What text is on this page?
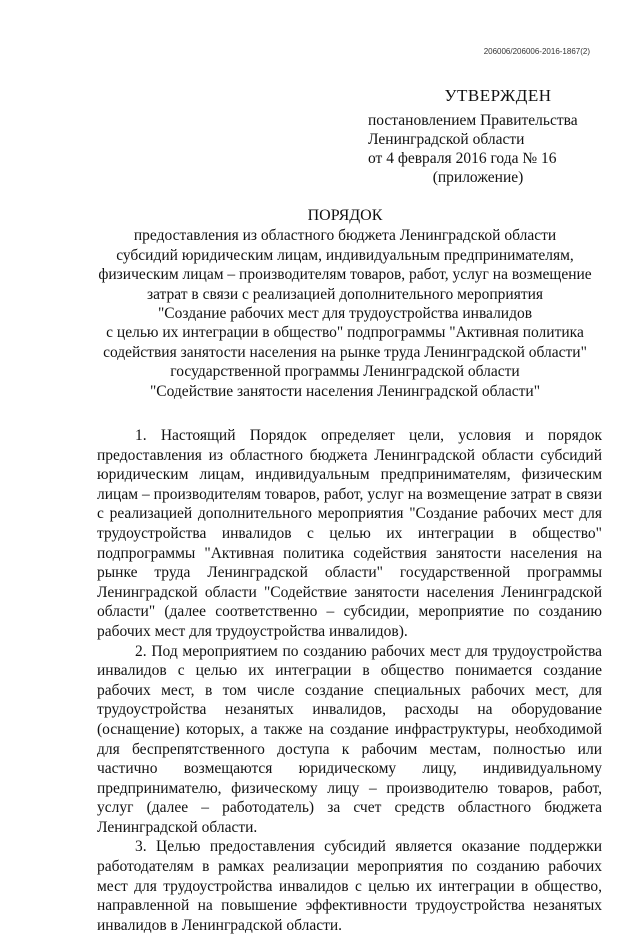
206006/206006-2016-1867(2)
УТВЕРЖДЕН
постановлением Правительства
Ленинградской области
от 4 февраля 2016 года № 16
(приложение)
ПОРЯДОК
предоставления из областного бюджета Ленинградской области
субсидий юридическим лицам, индивидуальным предпринимателям,
физическим лицам – производителям товаров, работ, услуг на возмещение
затрат в связи с реализацией дополнительного мероприятия
"Создание рабочих мест для трудоустройства инвалидов
с целью их интеграции в общество" подпрограммы "Активная политика
содействия занятости населения на рынке труда Ленинградской области"
государственной программы Ленинградской области
"Содействие занятости населения Ленинградской области"

1. Настоящий Порядок определяет цели, условия и порядок предоставления из областного бюджета Ленинградской области субсидий юридическим лицам, индивидуальным предпринимателям, физическим лицам – производителям товаров, работ, услуг на возмещение затрат в связи с реализацией дополнительного мероприятия "Создание рабочих мест для трудоустройства инвалидов с целью их интеграции в общество" подпрограммы "Активная политика содействия занятости населения на рынке труда Ленинградской области" государственной программы Ленинградской области "Содействие занятости населения Ленинградской области" (далее соответственно – субсидии, мероприятие по созданию рабочих мест для трудоустройства инвалидов).

2. Под мероприятием по созданию рабочих мест для трудоустройства инвалидов с целью их интеграции в общество понимается создание рабочих мест, в том числе создание специальных рабочих мест, для трудоустройства незанятых инвалидов, расходы на оборудование (оснащение) которых, а также на создание инфраструктуры, необходимой для беспрепятственного доступа к рабочим местам, полностью или частично возмещаются юридическому лицу, индивидуальному предпринимателю, физическому лицу – производителю товаров, работ, услуг (далее – работодатель) за счет средств областного бюджета Ленинградской области.

3. Целью предоставления субсидий является оказание поддержки работодателям в рамках реализации мероприятия по созданию рабочих мест для трудоустройства инвалидов с целью их интеграции в общество, направленной на повышение эффективности трудоустройства незанятых инвалидов в Ленинградской области.
